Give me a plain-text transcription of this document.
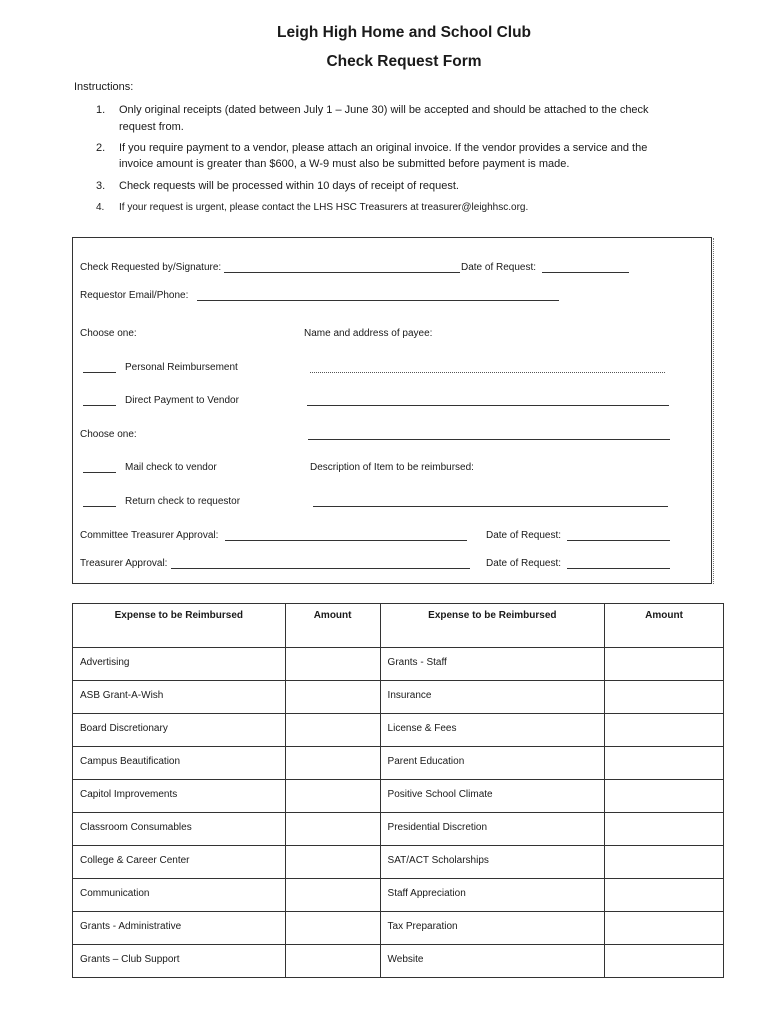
Leigh High Home and School Club
Check Request Form
Instructions:
1. Only original receipts (dated between July 1 – June 30) will be accepted and should be attached to the check
request from.
2. If you require payment to a vendor, please attach an original invoice. If the vendor provides a service and the
invoice amount is greater than $600, a W-9 must also be submitted before payment is made.
3. Check requests will be processed within 10 days of receipt of request.
4. If your request is urgent, please contact the LHS HSC Treasurers at treasurer@leighhsc.org.
Check Requested by/Signature:	Date of Request:
Requestor Email/Phone:
Choose one:	Name and address of payee:
Personal Reimbursement
Direct Payment to Vendor
Choose one:
Mail check to vendor	Description of Item to be reimbursed:
Return check to requestor
Committee Treasurer Approval:	Date of Request:
Treasurer Approval:	Date of Request:
Expense to be Reimbursed	Amount	Expense to be Reimbursed	Amount
Advertising		Grants - Staff	
ASB Grant-A-Wish		Insurance	
Board Discretionary		License & Fees	
Campus Beautification		Parent Education	
Capitol Improvements		Positive School Climate	
Classroom Consumables		Presidential Discretion	
College & Career Center		SAT/ACT Scholarships	
Communication		Staff Appreciation	
Grants - Administrative		Tax Preparation	
Grants – Club Support		Website	
